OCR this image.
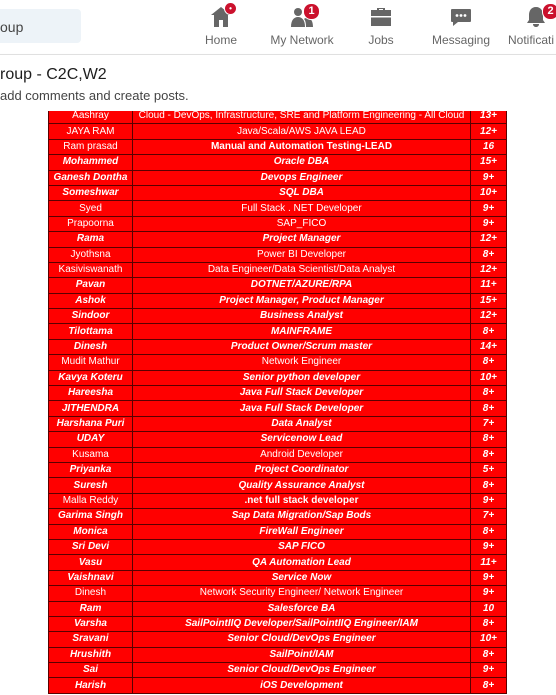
oup
•
Home
1
My Network	Jobs	Messaging
2
Notificati
roup - C2C,W2
add comments and create posts.
Aashray	Cloud - DevOps, Infrastructure, SRE and Platform Engineering - All Cloud	13+
JAYA RAM	Java/Scala/AWS JAVA LEAD	12+
Ram prasad	Manual and Automation Testing-LEAD	16
Mohammed	Oracle DBA	15+
Ganesh Dontha	Devops Engineer	9+
Someshwar	SQL DBA	10+
Syed	Full Stack . NET Developer	9+
Prapoorna	SAP_FICO	9+
Rama	Project Manager	12+
Jyothsna	Power BI Developer	8+
Kasiviswanath	Data Engineer/Data Scientist/Data Analyst	12+
Pavan	DOTNET/AZURE/RPA	11+
Ashok	Project Manager, Product Manager	15+
Sindoor	Business Analyst	12+
Tilottama	MAINFRAME	8+
Dinesh	Product Owner/Scrum master	14+
Mudit Mathur	Network Engineer	8+
Kavya Koteru	Senior python developer	10+
Hareesha	Java Full Stack Developer	8+
JITHENDRA	Java Full Stack Developer	8+
Harshana Puri	Data Analyst	7+
UDAY	Servicenow Lead	8+
Kusama	Android Developer	8+
Priyanka	Project Coordinator	5+
Suresh	Quality Assurance Analyst	8+
Malla Reddy	.net full stack developer	9+
Garima Singh	Sap Data Migration/Sap Bods	7+
Monica	FireWall Engineer	8+
Sri Devi	SAP FICO	9+
Vasu	QA Automation Lead	11+
Vaishnavi	Service Now	9+
Dinesh	Network Security Engineer/ Network Engineer	9+
Ram	Salesforce BA	10
Varsha	SailPointIIQ Developer/SailPointIIQ Engineer/IAM	8+
Sravani	Senior Cloud/DevOps Engineer	10+
Hrushith	SailPoint/IAM	8+
Sai	Senior Cloud/DevOps Engineer	9+
Harish	iOS Development	8+
